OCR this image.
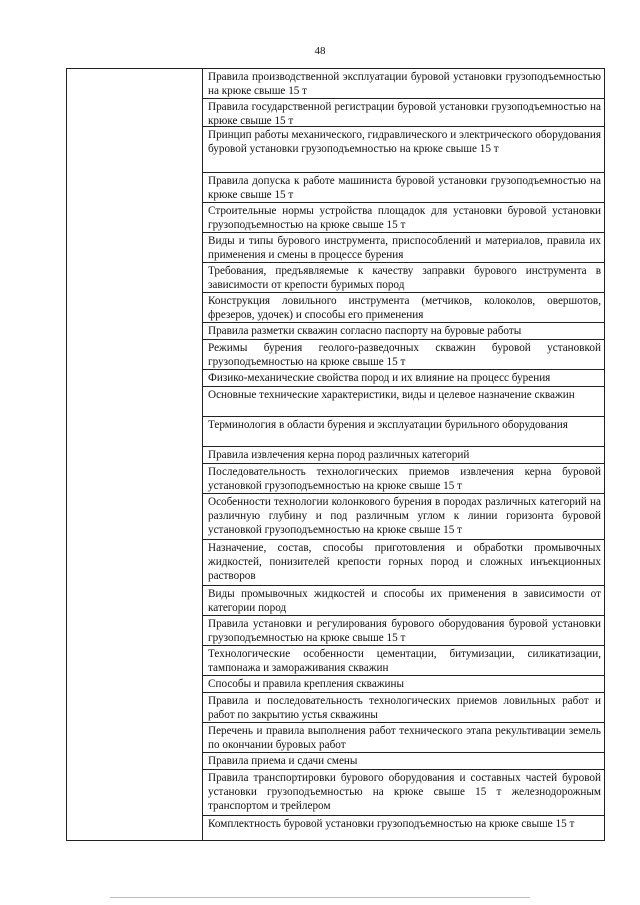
48
Правила производственной эксплуатации буровой установки грузоподъемностью на крюке свыше 15 т
Правила государственной регистрации буровой установки грузоподъемностью на крюке свыше 15 т
Принцип работы механического, гидравлического и электрического оборудования буровой установки грузоподъемностью на крюке свыше 15 т
Правила допуска к работе машиниста буровой установки грузоподъемностью на крюке свыше 15 т
Строительные нормы устройства площадок для установки буровой установки грузоподъемностью на крюке свыше 15 т
Виды и типы бурового инструмента, приспособлений и материалов, правила их применения и смены в процессе бурения
Требования, предъявляемые к качеству заправки бурового инструмента в зависимости от крепости буримых пород
Конструкция ловильного инструмента (метчиков, колоколов, овершотов, фрезеров, удочек) и способы его применения
Правила разметки скважин согласно паспорту на буровые работы
Режимы бурения геолого-разведочных скважин буровой установкой грузоподъемностью на крюке свыше 15 т
Физико-механические свойства пород и их влияние на процесс бурения
Основные технические характеристики, виды и целевое назначение скважин
Терминология в области бурения и эксплуатации бурильного оборудования
Правила извлечения керна пород различных категорий
Последовательность технологических приемов извлечения керна буровой установкой грузоподъемностью на крюке свыше 15 т
Особенности технологии колонкового бурения в породах различных категорий на различную глубину и под различным углом к линии горизонта буровой установкой грузоподъемностью на крюке свыше 15 т
Назначение, состав, способы приготовления и обработки промывочных жидкостей, понизителей крепости горных пород и сложных инъекционных растворов
Виды промывочных жидкостей и способы их применения в зависимости от категории пород
Правила установки и регулирования бурового оборудования буровой установки грузоподъемностью на крюке свыше 15 т
Технологические особенности цементации, битумизации, силикатизации, тампонажа и замораживания скважин
Способы и правила крепления скважины
Правила и последовательность технологических приемов ловильных работ и работ по закрытию устья скважины
Перечень и правила выполнения работ технического этапа рекультивации земель по окончании буровых работ
Правила приема и сдачи смены
Правила транспортировки бурового оборудования и составных частей буровой установки грузоподъемностью на крюке свыше 15 т железнодорожным транспортом и трейлером
Комплектность буровой установки грузоподъемностью на крюке свыше 15 т
